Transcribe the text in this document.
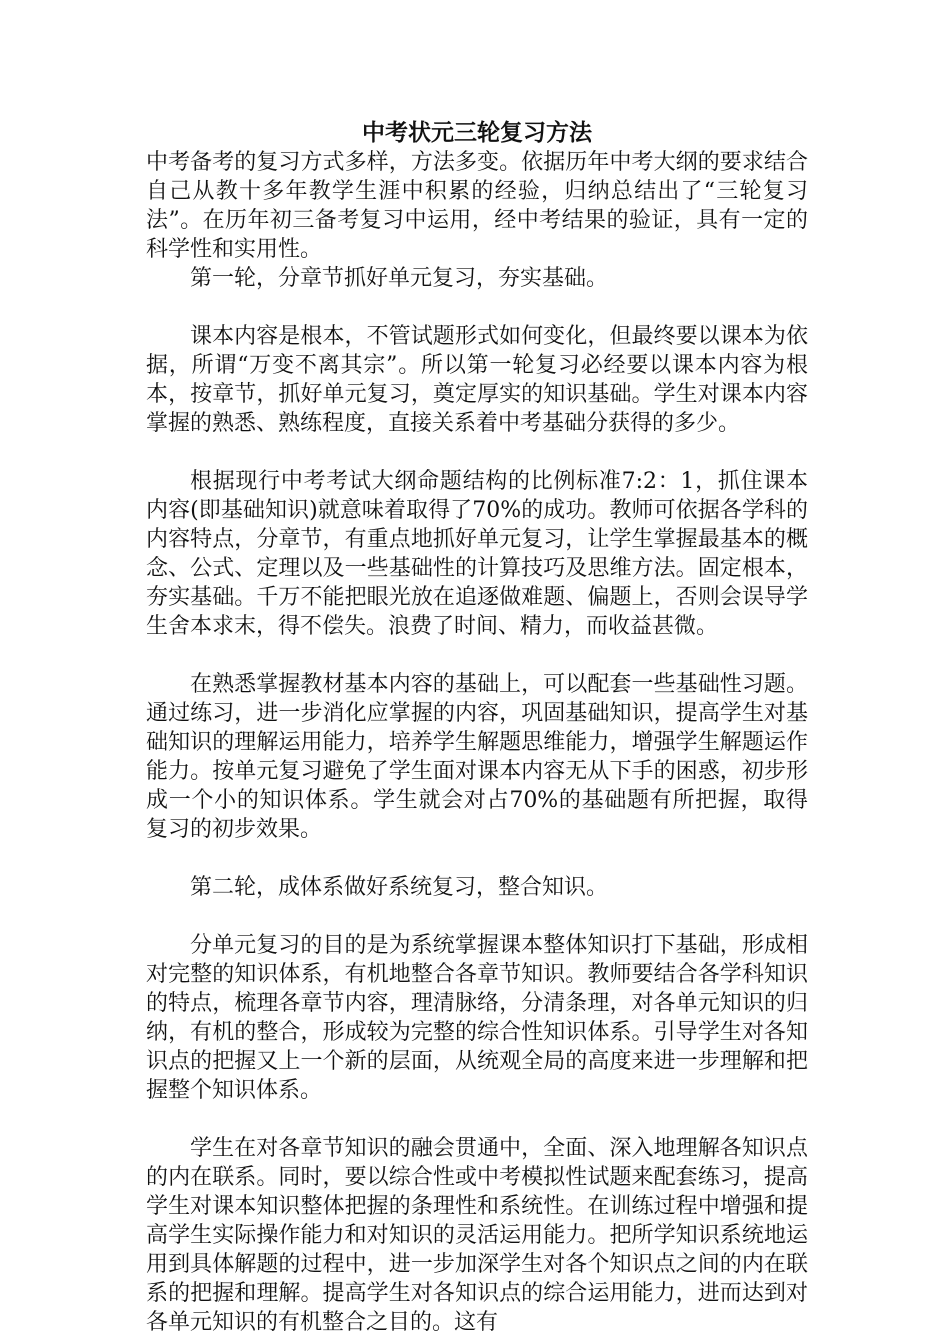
中考状元三轮复习方法

中考备考的复习方式多样，方法多变。依据历年中考大纲的要求结合自己从教十多年教学生涯中积累的经验，归纳总结出了“三轮复习法”。在历年初三备考复习中运用，经中考结果的验证，具有一定的科学性和实用性。

第一轮，分章节抓好单元复习，夯实基础。

课本内容是根本，不管试题形式如何变化，但最终要以课本为依据，所谓“万变不离其宗”。所以第一轮复习必经要以课本内容为根本，按章节，抓好单元复习，奠定厚实的知识基础。学生对课本内容掌握的熟悉、熟练程度，直接关系着中考基础分获得的多少。

根据现行中考考试大纲命题结构的比例标准7:2：1，抓住课本内容(即基础知识)就意味着取得了70%的成功。教师可依据各学科的内容特点，分章节，有重点地抓好单元复习，让学生掌握最基本的概念、公式、定理以及一些基础性的计算技巧及思维方法。固定根本，夯实基础。千万不能把眼光放在追逐做难题、偏题上，否则会误导学生舍本求末，得不偿失。浪费了时间、精力，而收益甚微。

在熟悉掌握教材基本内容的基础上，可以配套一些基础性习题。通过练习，进一步消化应掌握的内容，巩固基础知识，提高学生对基础知识的理解运用能力，培养学生解题思维能力，增强学生解题运作能力。按单元复习避免了学生面对课本内容无从下手的困惑，初步形成一个小的知识体系。学生就会对占70%的基础题有所把握，取得复习的初步效果。

第二轮，成体系做好系统复习，整合知识。

分单元复习的目的是为系统掌握课本整体知识打下基础，形成相对完整的知识体系，有机地整合各章节知识。教师要结合各学科知识的特点，梳理各章节内容，理清脉络，分清条理，对各单元知识的归纳，有机的整合，形成较为完整的综合性知识体系。引导学生对各知识点的把握又上一个新的层面，从统观全局的高度来进一步理解和把握整个知识体系。

学生在对各章节知识的融会贯通中，全面、深入地理解各知识点的内在联系。同时，要以综合性或中考模拟性试题来配套练习，提高学生对课本知识整体把握的条理性和系统性。在训练过程中增强和提高学生实际操作能力和对知识的灵活运用能力。把所学知识系统地运用到具体解题的过程中，进一步加深学生对各个知识点之间的内在联系的把握和理解。提高学生对各知识点的综合运用能力，进而达到对各单元知识的有机整合之目的。这有
